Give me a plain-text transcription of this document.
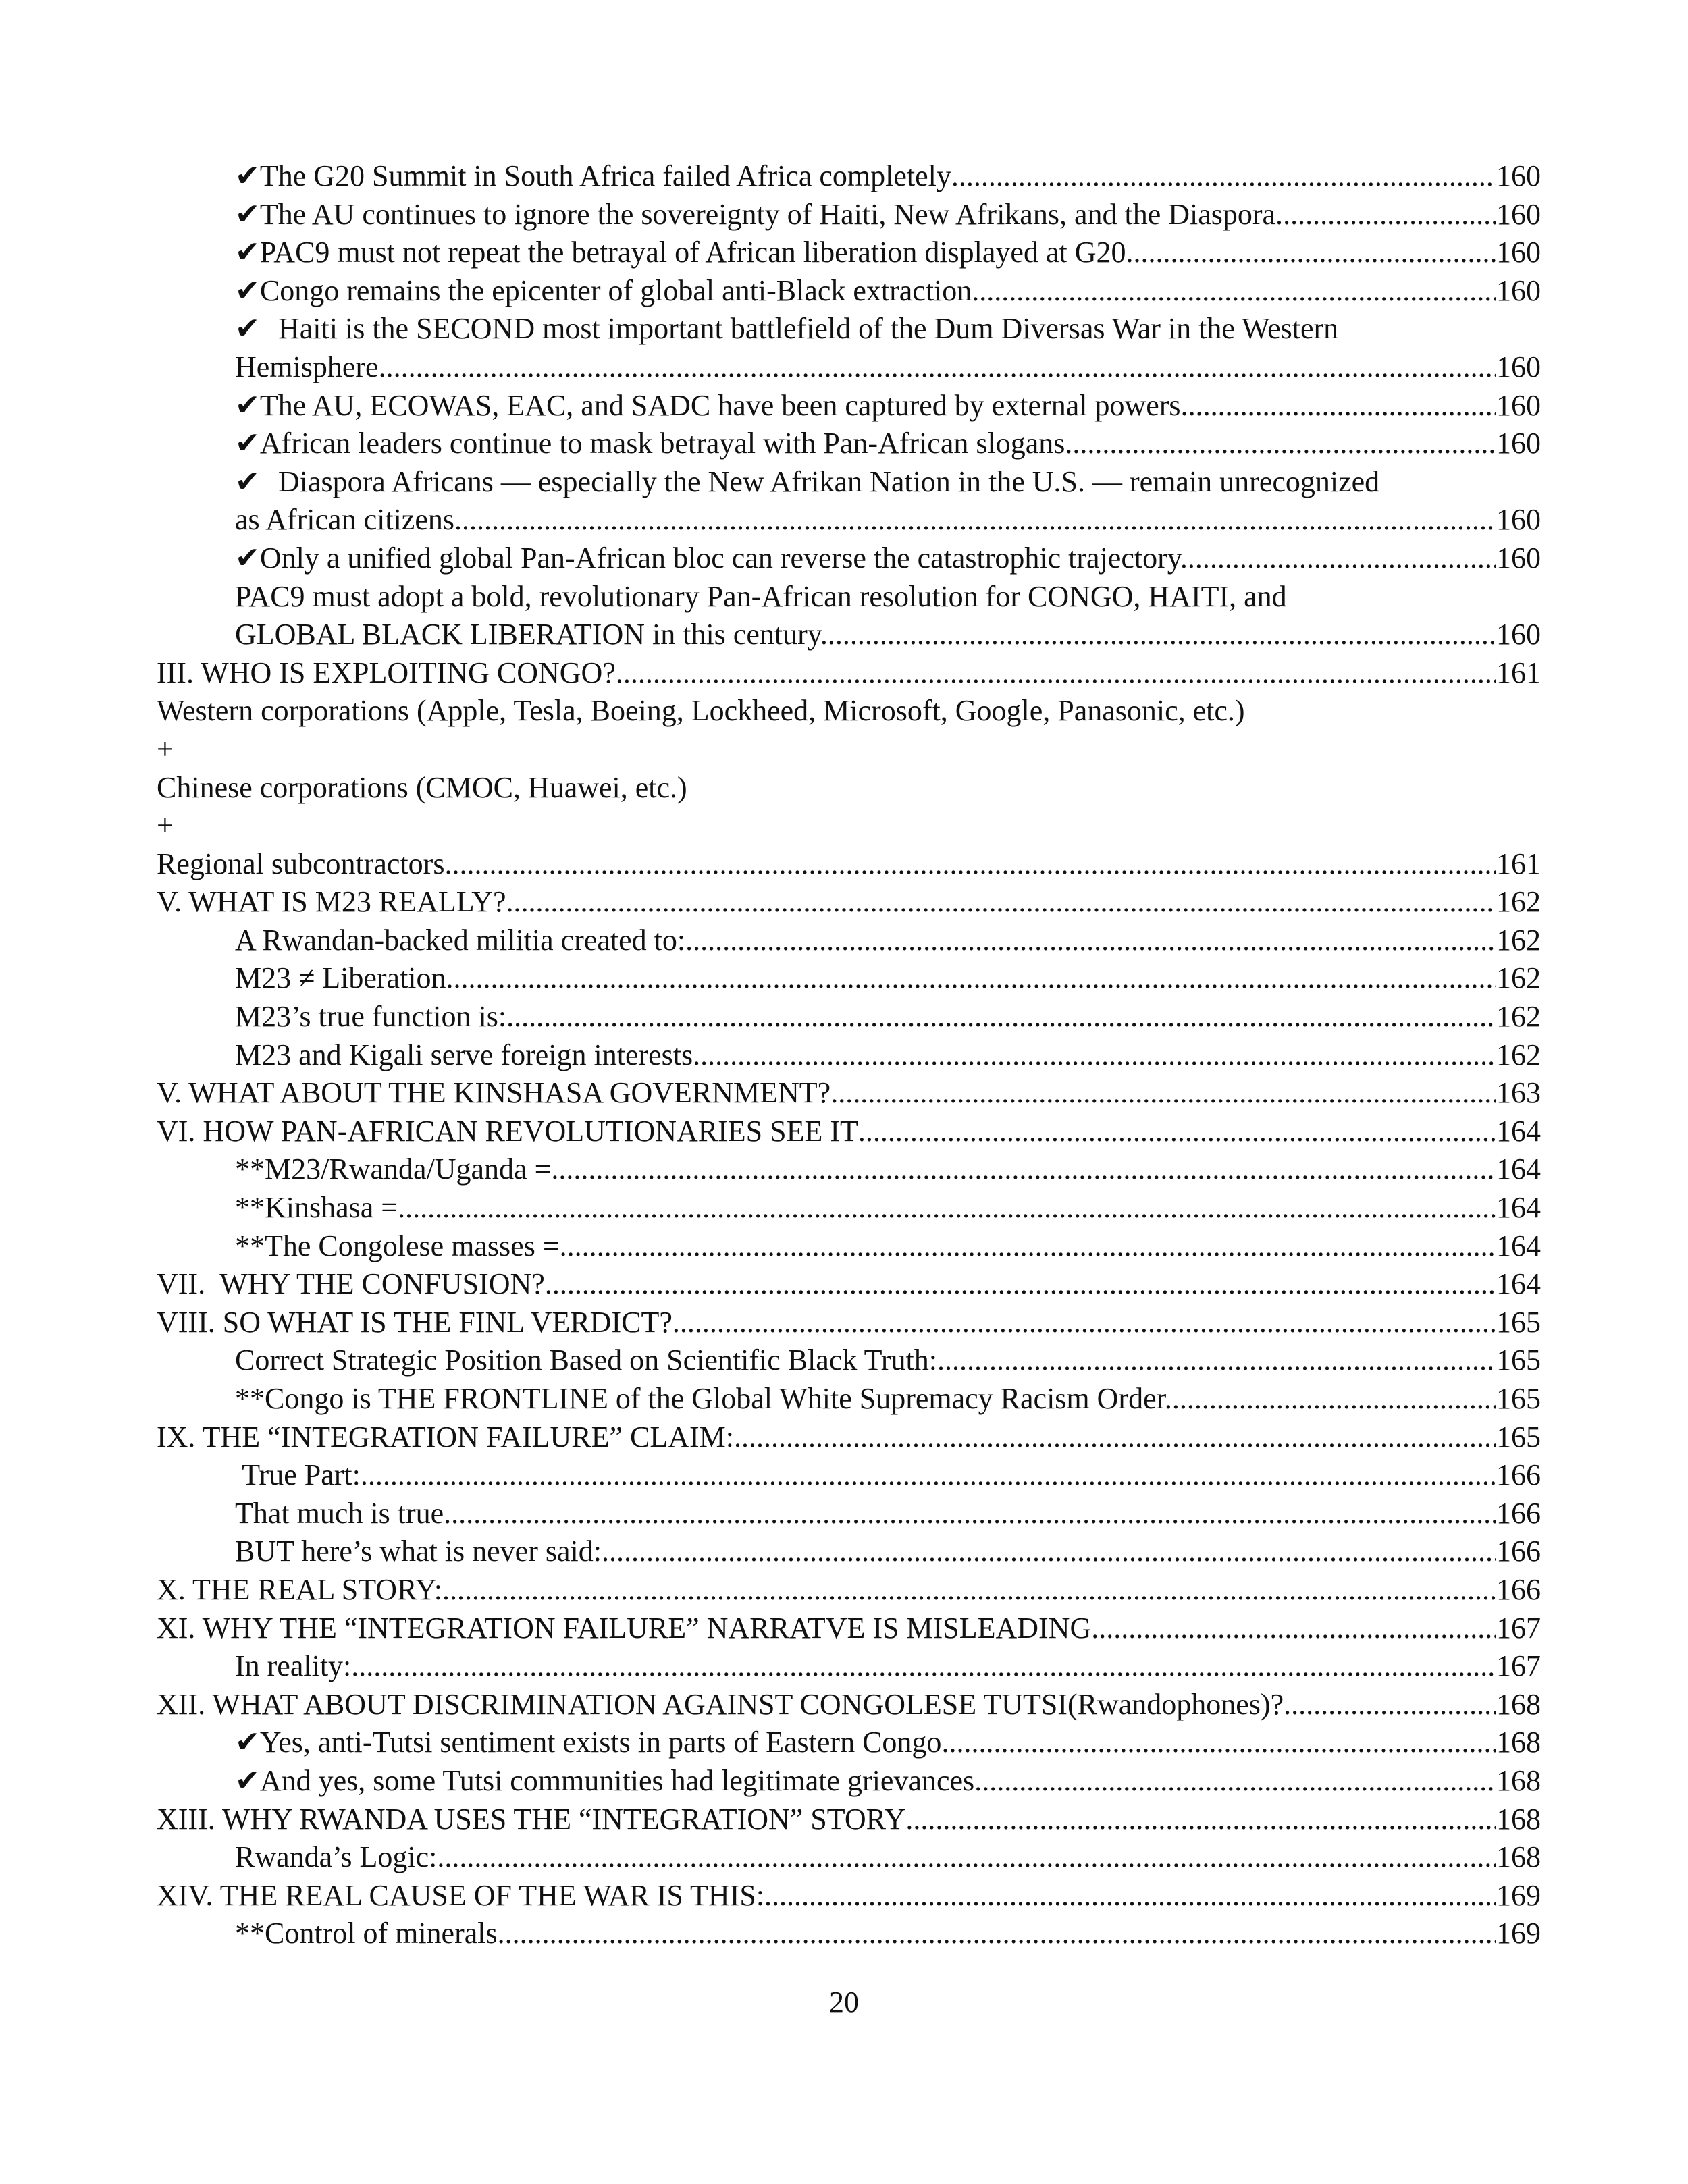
✔ The G20 Summit in South Africa failed Africa completely .....	160
✔ The AU continues to ignore the sovereignty of Haiti, New Afrikans, and the Diaspora. .....	160
✔ PAC9 must not repeat the betrayal of African liberation displayed at G20 .....	160
✔ Congo remains the epicenter of global anti-Black extraction .....	160
✔ Haiti is the SECOND most important battlefield of the Dum Diversas War in the Western
Hemisphere .....	160
✔ The AU, ECOWAS, EAC, and SADC have been captured by external powers .....	160
✔ African leaders continue to mask betrayal with Pan-African slogans. .....	160
✔ Diaspora Africans — especially the New Afrikan Nation in the U.S. — remain unrecognized
as African citizens .....	160
✔ Only a unified global Pan-African bloc can reverse the catastrophic trajectory. .....	160
PAC9 must adopt a bold, revolutionary Pan-African resolution for CONGO, HAITI, and
GLOBAL BLACK LIBERATION in this century. .....	160
III. WHO IS EXPLOITING CONGO? .....	161
Western corporations (Apple, Tesla, Boeing, Lockheed, Microsoft, Google, Panasonic, etc.)
+
Chinese corporations (CMOC, Huawei, etc.)
+
Regional subcontractors .....	161
V. WHAT IS M23 REALLY? .....	162
A Rwandan-backed militia created to: .....	162
M23 ≠ Liberation .....	162
M23’s true function is: .....	162
M23 and Kigali serve foreign interests .....	162
V. WHAT ABOUT THE KINSHASA GOVERNMENT? .....	163
VI. HOW PAN-AFRICAN REVOLUTIONARIES SEE IT .....	164
**M23/Rwanda/Uganda = .....	164
**Kinshasa = .....	164
**The Congolese masses = .....	164
VII.  WHY THE CONFUSION? .....	164
VIII. SO WHAT IS THE FINL VERDICT? .....	165
Correct Strategic Position Based on Scientific Black Truth: .....	165
**Congo is THE FRONTLINE of the Global White Supremacy Racism Order. .....	165
IX. THE “INTEGRATION FAILURE” CLAIM: .....	165
True Part: .....	166
That much is true .....	166
BUT here’s what is never said: .....	166
X. THE REAL STORY: .....	166
XI. WHY THE “INTEGRATION FAILURE” NARRATVE IS MISLEADING .....	167
In reality: .....	167
XII. WHAT ABOUT DISCRIMINATION AGAINST CONGOLESE TUTSI(Rwandophones)? .....	168
✔ Yes, anti-Tutsi sentiment exists in parts of Eastern Congo .....	168
✔ And yes, some Tutsi communities had legitimate grievances .....	168
XIII. WHY RWANDA USES THE “INTEGRATION” STORY .....	168
Rwanda’s Logic: .....	168
XIV. THE REAL CAUSE OF THE WAR IS THIS: .....	169
**Control of minerals .....	169
20
